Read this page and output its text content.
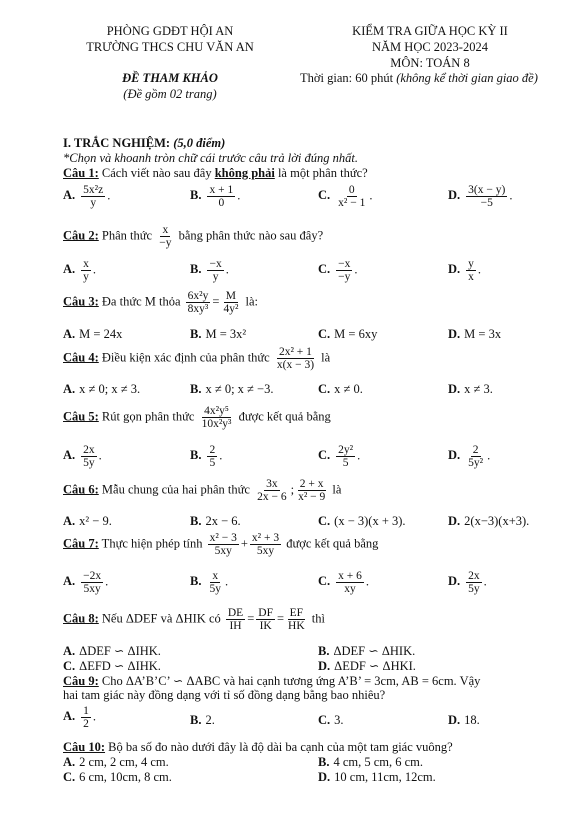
PHÒNG GDĐT HỘI AN
TRƯỜNG THCS CHU VĂN AN
ĐỀ THAM KHẢO
(Đề gồm 02 trang)
KIỂM TRA GIỮA HỌC KỲ II
NĂM HỌC 2023-2024
MÔN: TOÁN 8
Thời gian: 60 phút (không kể thời gian giao đề)
I. TRẮC NGHIỆM: (5,0 điểm)
*Chọn và khoanh tròn chữ cái trước câu trả lời đúng nhất.
Câu 1: Cách viết nào sau đây không phải là một phân thức?
A. $\frac{\text{5x²z}}{y}$ .	B. $\frac{x + 1}{0}$ .	C. $\frac{0}{\text{x² − 1}}$ .	D. $\frac{3(x - y)}{-5}$ .
Câu 2: Phân thức $\frac{x}{-y}$ bằng phân thức nào sau đây?
A. $\frac{x}{y}$ .	B. $\frac{-x}{y}$ .	C. $\frac{-x}{-y}$ .	D. $\frac{y}{x}$ .
Câu 3: Đa thức M thỏa $\frac{\text{6x²y}}{\text{8xy³}} = \frac{M}{\text{4y²}}$ là:
A. M = 24x	B. M = 3x²	C. M = 6xy	D. M = 3x
Câu 4: Điều kiện xác định của phân thức $\frac{\text{2x² + 1}}{x(x - 3)}$ là
A. x ≠ 0; x ≠ 3.	B. x ≠ 0; x ≠ −3.	C. x ≠ 0.	D. x ≠ 3.
Câu 5: Rút gọn phân thức $\frac{\text{4x²y⁵}}{\text{10x²y³}}$ được kết quả bằng
A. $\frac{2x}{5y}$ .	B. $\frac{2}{5}$ .	C. $\frac{\text{2y²}}{5}$ .	D. $\frac{2}{\text{5y²}}$ .
Câu 6: Mẫu chung của hai phân thức $\frac{3x}{2x - 6}$ ; $\frac{2 + x}{\text{x² − 9}}$ là
A. x² − 9.	B. 2x − 6.	C. (x − 3)(x + 3).	D. 2(x−3)(x+3).
Câu 7: Thực hiện phép tính $\frac{\text{x² − 3}}{5xy} + \frac{\text{x² + 3}}{5xy}$ được kết quả bằng
A. $\frac{-2x}{5xy}$ .	B. $\frac{x}{5y}$ .	C. $\frac{x + 6}{xy}$ .	D. $\frac{2x}{5y}$ .
Câu 8: Nếu ΔDEF và ΔHIK có $\frac{DE}{IH} = \frac{DF}{IK} = \frac{EF}{HK}$ thì
A. ΔDEF ∽ ΔIHK.	B. ΔDEF ∽ ΔHIK.
C. ΔEFD ∽ ΔIHK.	D. ΔEDF ∽ ΔHKI.
Câu 9: Cho ΔA’B’C’ ∽ ΔABC và hai cạnh tương ứng A’B’ = 3cm, AB = 6cm. Vậy
hai tam giác này đồng dạng với tỉ số đồng dạng bằng bao nhiêu?
A. $\frac{1}{2}$ .	B. 2.	C. 3.	D. 18.
Câu 10: Bộ ba số đo nào dưới đây là độ dài ba cạnh của một tam giác vuông?
A. 2 cm, 2 cm, 4 cm.	B. 4 cm, 5 cm, 6 cm.
C. 6 cm, 10cm, 8 cm.	D. 10 cm, 11cm, 12cm.
